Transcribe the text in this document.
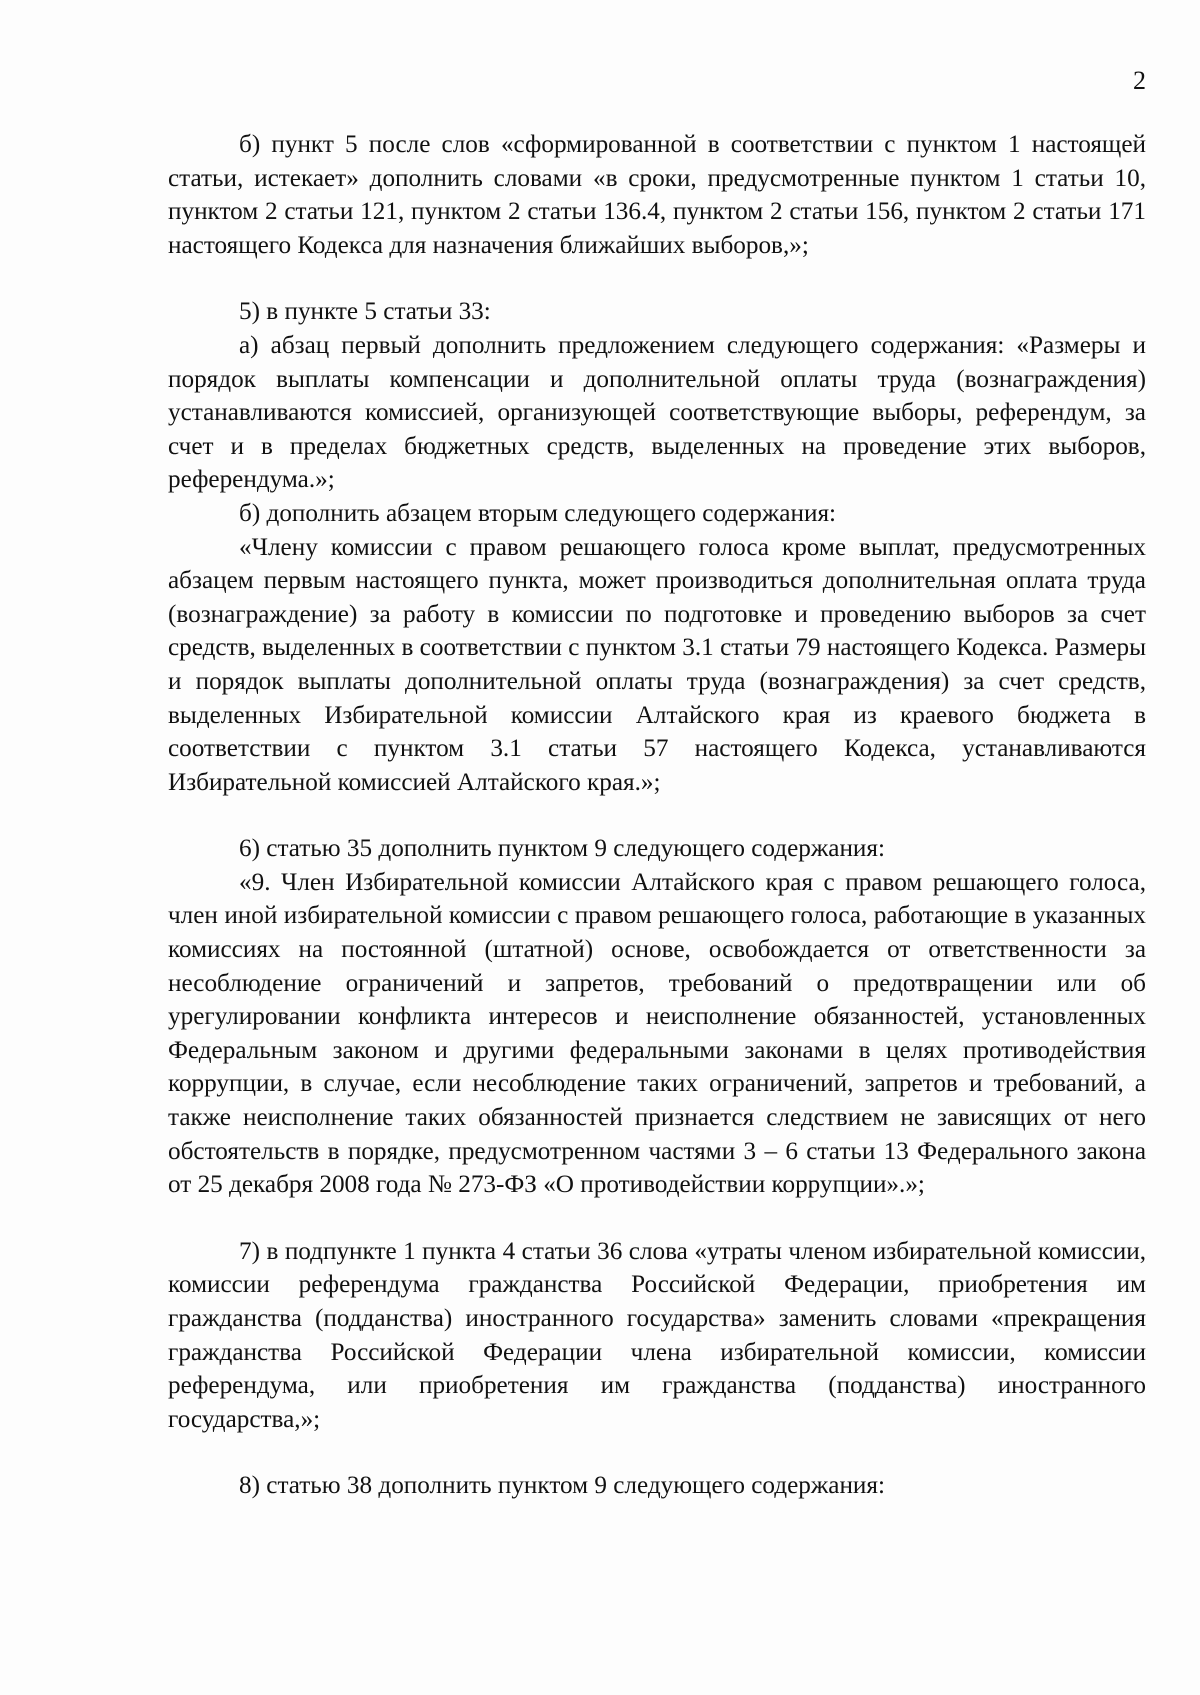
2

б) пункт 5 после слов «сформированной в соответствии с пунктом 1 настоящей статьи, истекает» дополнить словами «в сроки, предусмотренные пунктом 1 статьи 10, пунктом 2 статьи 121, пунктом 2 статьи 136.4, пунктом 2 статьи 156, пунктом 2 статьи 171 настоящего Кодекса для назначения ближайших выборов,»;

5) в пункте 5 статьи 33:

а) абзац первый дополнить предложением следующего содержания: «Размеры и порядок выплаты компенсации и дополнительной оплаты труда (вознаграждения) устанавливаются комиссией, организующей соответствующие выборы, референдум, за счет и в пределах бюджетных средств, выделенных на проведение этих выборов, референдума.»;

б) дополнить абзацем вторым следующего содержания:

«Члену комиссии с правом решающего голоса кроме выплат, предусмотренных абзацем первым настоящего пункта, может производиться дополнительная оплата труда (вознаграждение) за работу в комиссии по подготовке и проведению выборов за счет средств, выделенных в соответствии с пунктом 3.1 статьи 79 настоящего Кодекса. Размеры и порядок выплаты дополнительной оплаты труда (вознаграждения) за счет средств, выделенных Избирательной комиссии Алтайского края из краевого бюджета в соответствии с пунктом 3.1 статьи 57 настоящего Кодекса, устанавливаются Избирательной комиссией Алтайского края.»;

6) статью 35 дополнить пунктом 9 следующего содержания:

«9. Член Избирательной комиссии Алтайского края с правом решающего голоса, член иной избирательной комиссии с правом решающего голоса, работающие в указанных комиссиях на постоянной (штатной) основе, освобождается от ответственности за несоблюдение ограничений и запретов, требований о предотвращении или об урегулировании конфликта интересов и неисполнение обязанностей, установленных Федеральным законом и другими федеральными законами в целях противодействия коррупции, в случае, если несоблюдение таких ограничений, запретов и требований, а также неисполнение таких обязанностей признается следствием не зависящих от него обстоятельств в порядке, предусмотренном частями 3 – 6 статьи 13 Федерального закона от 25 декабря 2008 года № 273-ФЗ «О противодействии коррупции».»;

7) в подпункте 1 пункта 4 статьи 36 слова «утраты членом избирательной комиссии, комиссии референдума гражданства Российской Федерации, приобретения им гражданства (подданства) иностранного государства» заменить словами «прекращения гражданства Российской Федерации члена избирательной комиссии, комиссии референдума, или приобретения им гражданства (подданства) иностранного государства,»;

8) статью 38 дополнить пунктом 9 следующего содержания:
